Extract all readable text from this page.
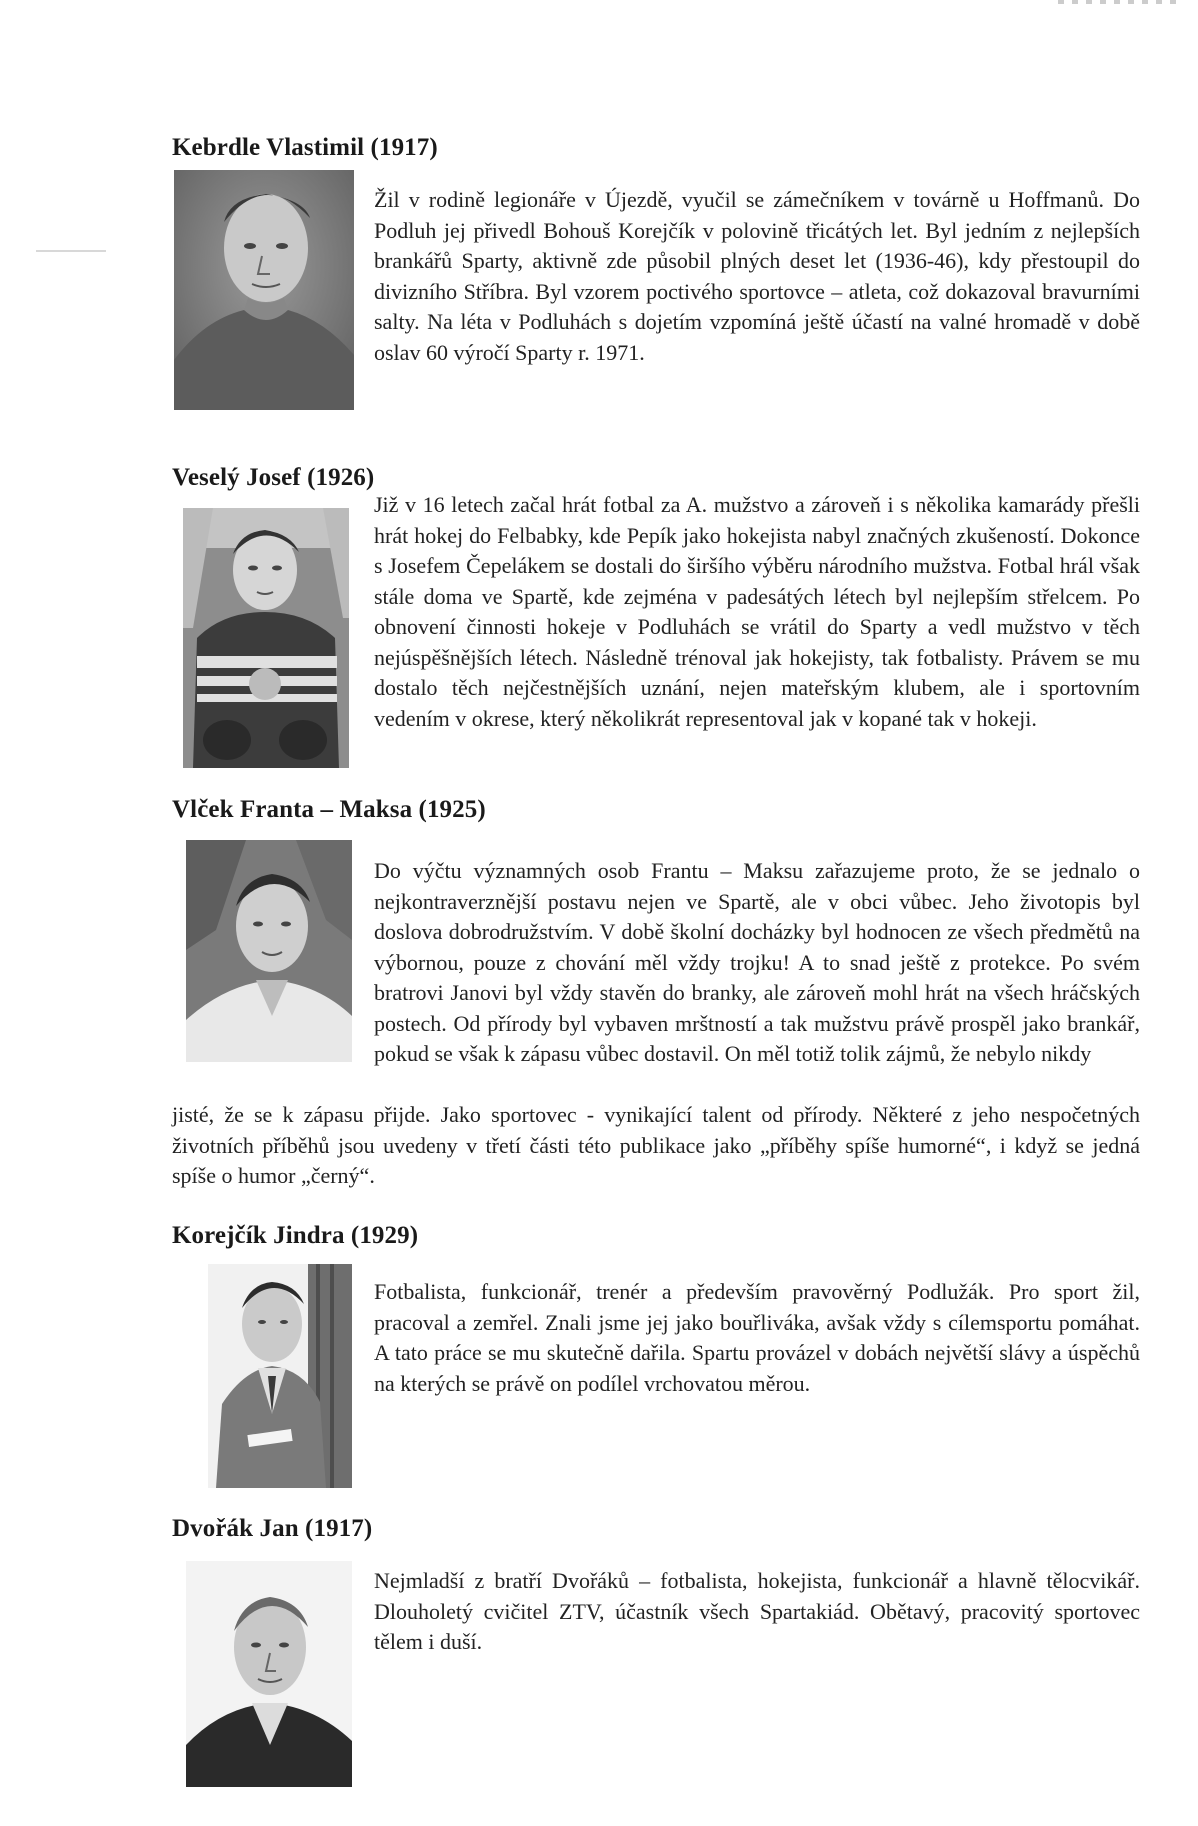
Kebrdle Vlastimil (1917)

Žil v rodině legionáře v Újezdě, vyučil se zámečníkem v továrně u Hoffmanů. Do Podluh jej přivedl Bohouš Korejčík v polovině třicátých let. Byl jedním z nejlepších brankářů Sparty, aktivně zde působil plných deset let (1936-46), kdy přestoupil do divizního Stříbra. Byl vzorem poctivého sportovce – atleta, což dokazoval bravurními salty. Na léta v Podluhách s dojetím vzpomíná ještě účastí na valné hromadě v době oslav 60 výročí Sparty r. 1971.

Veselý Josef (1926)

Již v 16 letech začal hrát fotbal za A. mužstvo a zároveň i s několika kamarády přešli hrát hokej do Felbabky, kde Pepík jako hokejista nabyl značných zkušeností. Dokonce s Josefem Čepelákem se dostali do širšího výběru národního mužstva. Fotbal hrál však stále doma ve Spartě, kde zejména v padesátých létech byl nejlepším střelcem. Po obnovení činnosti hokeje v Podluhách se vrátil do Sparty a vedl mužstvo v těch nejúspěšnějších létech. Následně trénoval jak hokejisty, tak fotbalisty. Právem se mu dostalo těch nejčestnějších uznání, nejen mateřským klubem, ale i sportovním vedením v okrese, který několikrát representoval jak v kopané tak v hokeji.

Vlček Franta – Maksa (1925)

Do výčtu významných osob Frantu – Maksu zařazujeme proto, že se jednalo o nejkontraverznější postavu nejen ve Spartě, ale v obci vůbec. Jeho životopis byl doslova dobrodružstvím. V době školní docházky byl hodnocen ze všech předmětů na výbornou, pouze z chování měl vždy trojku! A to snad ještě z protekce. Po svém bratrovi Janovi byl vždy stavěn do branky, ale zároveň mohl hrát na všech hráčských postech. Od přírody byl vybaven mrštností a tak mužstvu právě prospěl jako brankář, pokud se však k zápasu vůbec dostavil. On měl totiž tolik zájmů, že nebylo nikdy

jisté, že se k zápasu přijde. Jako sportovec - vynikající talent od přírody. Některé z jeho nespočetných životních příběhů jsou uvedeny v třetí části této publikace jako „příběhy spíše humorné“, i když se jedná spíše o humor „černý“.

Korejčík Jindra (1929)

Fotbalista, funkcionář, trenér a především pravověrný Podlužák. Pro sport žil, pracoval a zemřel. Znali jsme jej jako bouřliváka, avšak vždy s cílemsportu pomáhat. A tato práce se mu skutečně dařila. Spartu provázel v dobách největší slávy a úspěchů na kterých se právě on podílel vrchovatou měrou.

Dvořák Jan (1917)

Nejmladší z bratří Dvořáků – fotbalista, hokejista, funkcionář a hlavně tělocvikář. Dlouholetý cvičitel ZTV, účastník všech Spartakiád. Obětavý, pracovitý sportovec tělem i duší.
